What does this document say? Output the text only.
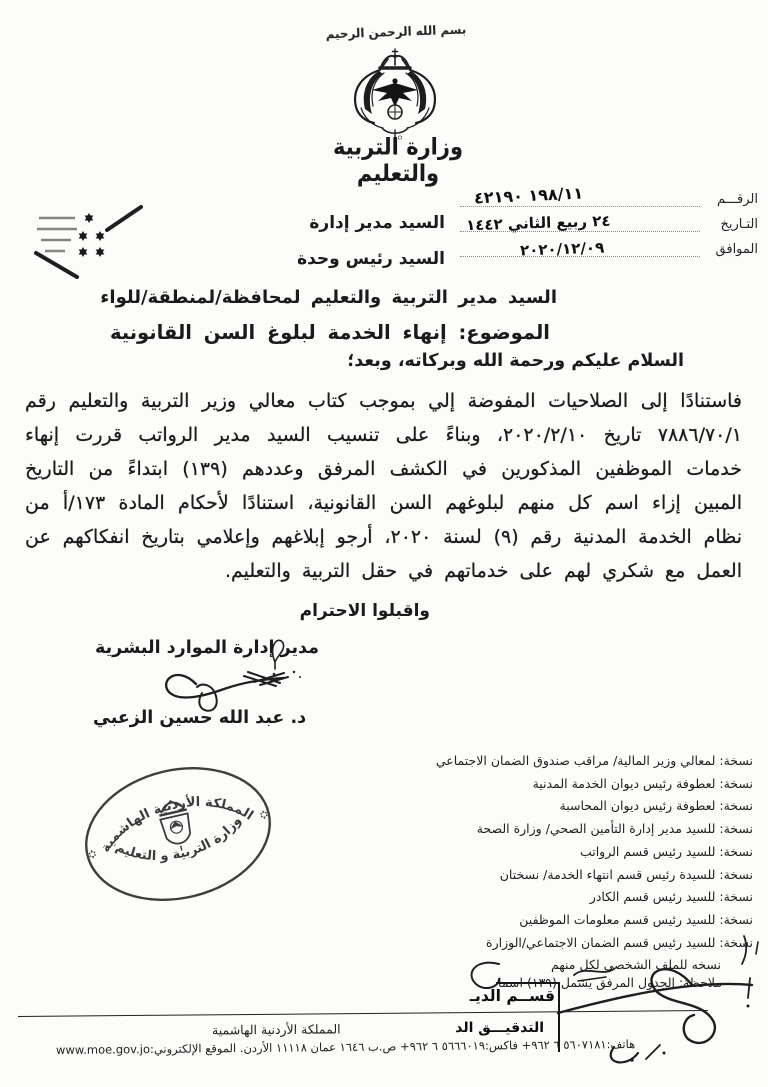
بسم الله الرحمن الرحيم
وزارة التربية والتعليم
الرقـــم
١٩٨/١١ ٤٢١٩٠
التـاريخ
٢٤ ربيع الثاني ١٤٤٢
الموافق
٢٠٢٠/١٢/٠٩
السيد مدير إدارة
السيد رئيس وحدة
السيد مدير التربية والتعليم لمحافظة/لمنطقة/للواء
الموضوع: إنهاء الخدمة لبلوغ السن القانونية
السلام عليكم ورحمة الله وبركاته، وبعد؛
فاستنادًا إلى الصلاحيات المفوضة إلي بموجب كتاب معالي وزير التربية والتعليم رقم ٧٨٨٦/٧٠/١ تاريخ ٢٠٢٠/٢/١٠، وبناءً على تنسيب السيد مدير الرواتب قررت إنهاء خدمات الموظفين المذكورين في الكشف المرفق وعددهم (١٣٩) ابتداءً من التاريخ المبين إزاء اسم كل منهم لبلوغهم السن القانونية، استنادًا لأحكام المادة ١٧٣/أ من نظام الخدمة المدنية رقم (٩) لسنة ٢٠٢٠، أرجو إبلاغهم وإعلامي بتاريخ انفكاكهم عن العمل مع شكري لهم على خدماتهم في حقل التربية والتعليم.
واقبلوا الاحترام
مدير إدارة الموارد البشرية
د. عبد الله حسين الزعبي
نسخة: لمعالي وزير المالية/ مراقب صندوق الضمان الاجتماعي
نسخة: لعطوفة رئيس ديوان الخدمة المدنية
نسخة: لعطوفة رئيس ديوان المحاسبة
نسخة: للسيد مدير إدارة التأمين الصحي/ وزارة الصحة
نسخة: للسيد رئيس قسم الرواتب
نسخة: للسيدة رئيس قسم انتهاء الخدمة/ نسختان
نسخة: للسيد رئيس قسم الكادر
نسخة: للسيد رئيس قسم معلومات الموظفين
نسخة: للسيد رئيس قسم الضمان الاجتماعي/الوزارة
نسخه للملف الشخصي لكل منهم
ملاحظة: الجدول المرفق يشمل (١٣٩) اسما
المملكة الأردنية الهاشمية
وزارة التربية و التعليم
قســم الديـ
التدقيـــق الد
المملكة الأردنية الهاشمية
هاتف:٥٦٠٧١٨١ ٦ ٩٦٢+ فاكس:٥٦٦٦٠١٩ ٦ ٩٦٢+ ص.ب ١٦٤٦ عمان ١١١١٨ الأردن. الموقع الإلكتروني:www.moe.gov.jo
